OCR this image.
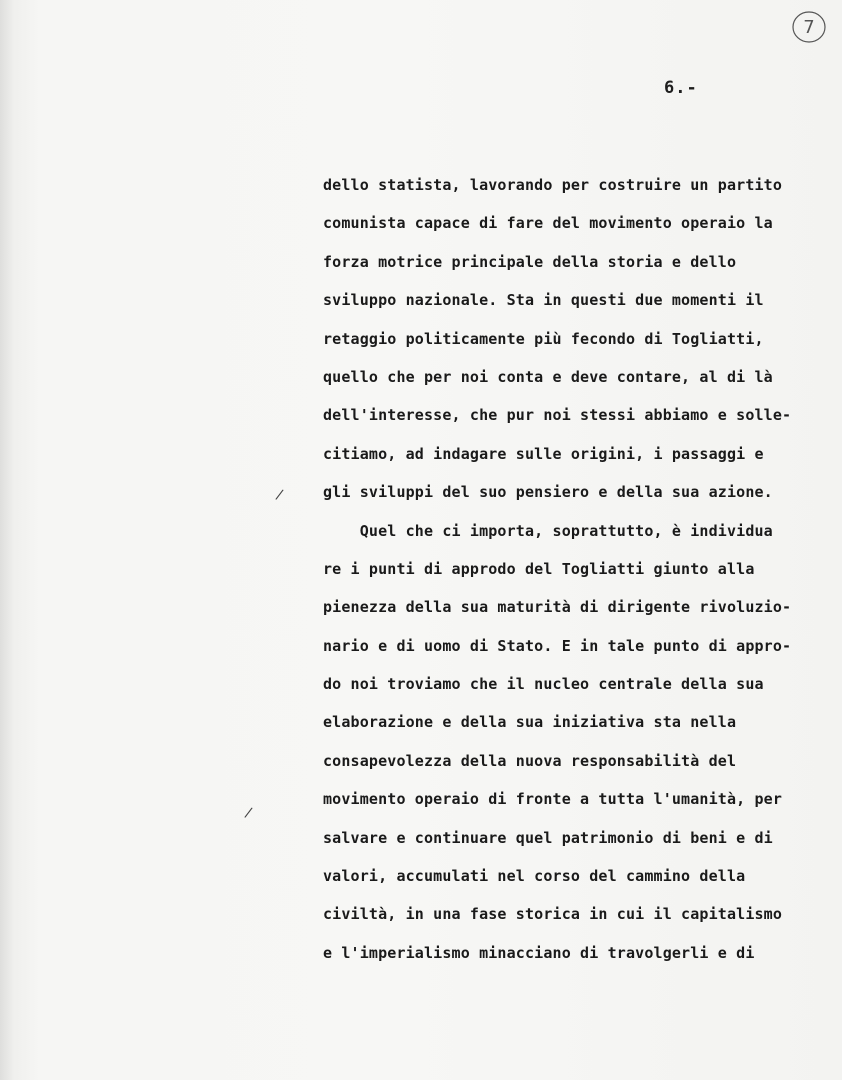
7
6.-
/
/
dello statista, lavorando per costruire un partito
comunista capace di fare del movimento operaio la
forza motrice principale della storia e dello
sviluppo nazionale. Sta in questi due momenti il
retaggio politicamente più fecondo di Togliatti,
quello che per noi conta e deve contare, al di là
dell'interesse, che pur noi stessi abbiamo e solle-
citiamo, ad indagare sulle origini, i passaggi e
gli sviluppi del suo pensiero e della sua azione.
Quel che ci importa, soprattutto, è individua
re i punti di approdo del Togliatti giunto alla
pienezza della sua maturità di dirigente rivoluzio-
nario e di uomo di Stato. E in tale punto di appro-
do noi troviamo che il nucleo centrale della sua
elaborazione e della sua iniziativa sta nella
consapevolezza della nuova responsabilità del
movimento operaio di fronte a tutta l'umanità, per
salvare e continuare quel patrimonio di beni e di
valori, accumulati nel corso del cammino della
civiltà, in una fase storica in cui il capitalismo
e l'imperialismo minacciano di travolgerli e di
